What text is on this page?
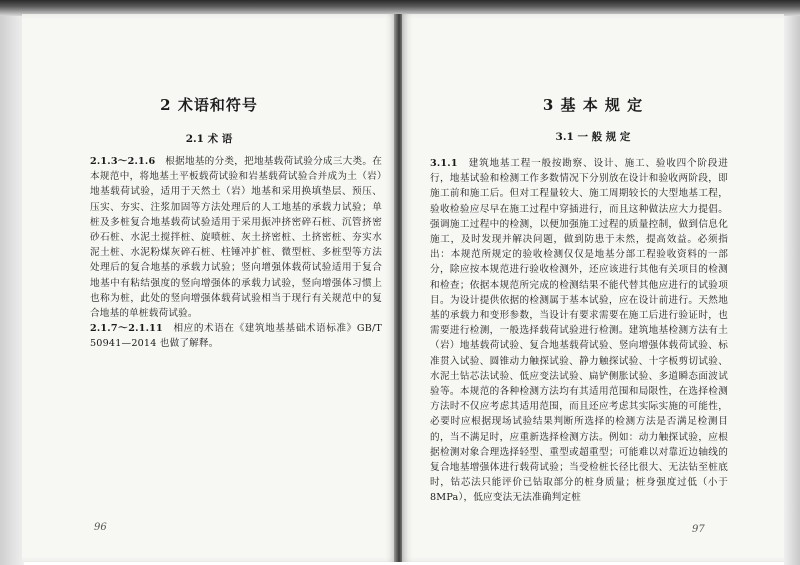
2 术语和符号
2.1 术 语

2.1.3～2.1.6　 根据地基的分类，把地基载荷试验分成三大类。在本规范中，将地基土平板载荷试验和岩基载荷试验合并成为土（岩）地基载荷试验，适用于天然土（岩）地基和采用换填垫层、预压、压实、夯实、注浆加固等方法处理后的人工地基的承载力试验；单桩及多桩复合地基载荷试验适用于采用振冲挤密碎石桩、沉管挤密砂石桩、水泥土搅拌桩、旋喷桩、灰土挤密桩、土挤密桩、夯实水泥土桩、水泥粉煤灰碎石桩、柱锤冲扩桩、微型桩、多桩型等方法处理后的复合地基的承载力试验；竖向增强体载荷试验适用于复合地基中有粘结强度的竖向增强体的承载力试验，竖向增强体习惯上也称为桩，此处的竖向增强体载荷试验相当于现行有关规范中的复合地基的单桩载荷试验。

2.1.7～2.1.11　 相应的术语在《建筑地基基础术语标准》GB/T 50941—2014 也做了解释。

96
3 基 本 规 定
3.1 一 般 规 定

3.1.1　 建筑地基工程一般按勘察、设计、施工、验收四个阶段进行，地基试验和检测工作多数情况下分别放在设计和验收两阶段，即施工前和施工后。但对工程量较大、施工周期较长的大型地基工程，验收检验应尽早在施工过程中穿插进行，而且这种做法应大力提倡。强调施工过程中的检测，以便加强施工过程的质量控制，做到信息化施工，及时发现并解决问题，做到防患于未然，提高效益。必须指出：本规范所规定的验收检测仅仅是地基分部工程验收资料的一部分，除应按本规范进行验收检测外，还应该进行其他有关项目的检测和检查；依据本规范所完成的检测结果不能代替其他应进行的试验项目。为设计提供依据的检测属于基本试验，应在设计前进行。天然地基的承载力和变形参数，当设计有要求需要在施工后进行验证时，也需要进行检测，一般选择载荷试验进行检测。建筑地基检测方法有土（岩）地基载荷试验、复合地基载荷试验、竖向增强体载荷试验、标准贯入试验、圆锥动力触探试验、静力触探试验、十字板剪切试验、水泥土钻芯法试验、低应变法试验、扁铲侧胀试验、多道瞬态面波试验等。本规范的各种检测方法均有其适用范围和局限性，在选择检测方法时不仅应考虑其适用范围，而且还应考虑其实际实施的可能性，必要时应根据现场试验结果判断所选择的检测方法是否满足检测目的，当不满足时，应重新选择检测方法。例如：动力触探试验，应根据检测对象合理选择轻型、重型或超重型；可能难以对靠近边轴线的复合地基增强体进行载荷试验；当受检桩长径比很大、无法钻至桩底时，钻芯法只能评价已钻取部分的桩身质量；桩身强度过低（小于 8MPa），低应变法无法准确判定桩

97
